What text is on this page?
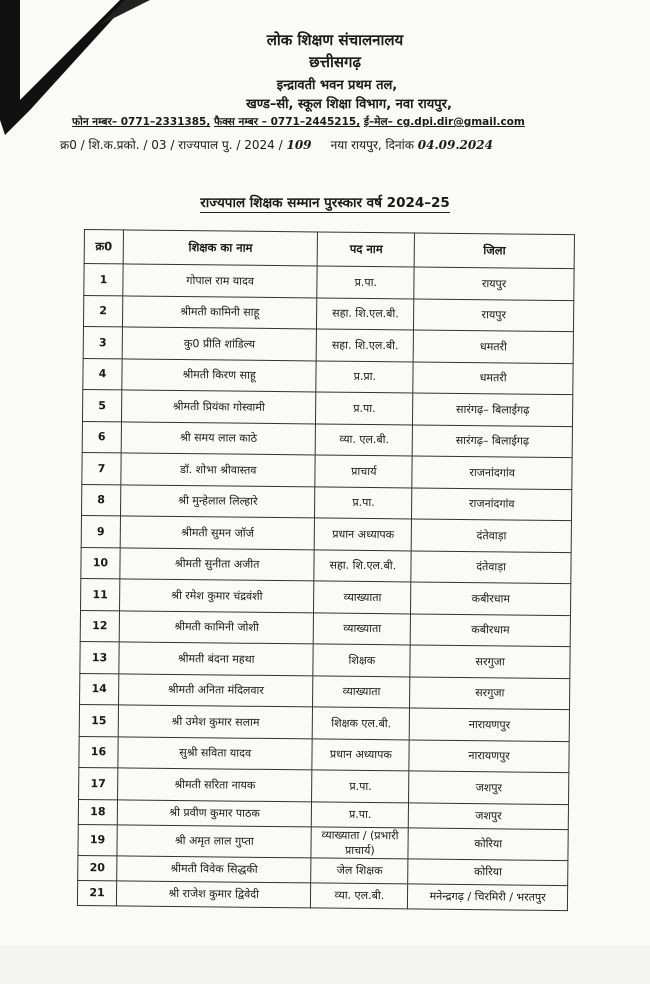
लोक शिक्षण संचालनालय
छत्तीसगढ़
इन्द्रावती भवन प्रथम तल,
खण्ड–सी, स्कूल शिक्षा विभाग, नवा रायपुर,
फोन नम्बर– 0771–2331385, फैक्स नम्बर – 0771–2445215, ई–मेल– cg.dpi.dir@gmail.com
क्र0 / शि.क.प्रको. / 03 / राज्यपाल पु. / 2024 / 109 नया रायपुर, दिनांक 04.09.2024
राज्यपाल शिक्षक सम्मान पुरस्कार वर्ष 2024–25
क्र0	शिक्षक का नाम	पद नाम	जिला
1	गोपाल राम यादव	प्र.पा.	रायपुर
2	श्रीमती कामिनी साहू	सहा. शि.एल.बी.	रायपुर
3	कु0 प्रीति शांडिल्य	सहा. शि.एल.बी.	धमतरी
4	श्रीमती किरण साहू	प्र.प्रा.	धमतरी
5	श्रीमती प्रियंका गोस्वामी	प्र.पा.	सारंगढ़– बिलाईगढ़
6	श्री समय लाल काठे	व्या. एल.बी.	सारंगढ़– बिलाईगढ़
7	डॉ. शोभा श्रीवास्तव	प्राचार्य	राजनांदगांव
8	श्री मुन्हेलाल लिल्हारे	प्र.पा.	राजनांदगांव
9	श्रीमती सुमन जॉर्ज	प्रधान अध्यापक	दंतेवाड़ा
10	श्रीमती सुनीता अजीत	सहा. शि.एल.बी.	दंतेवाड़ा
11	श्री रमेश कुमार चंद्रवंशी	व्याख्याता	कबीरधाम
12	श्रीमती कामिनी जोशी	व्याख्याता	कबीरधाम
13	श्रीमती बंदना महथा	शिक्षक	सरगुजा
14	श्रीमती अनिता मंदिलवार	व्याख्याता	सरगुजा
15	श्री उमेश कुमार सलाम	शिक्षक एल.बी.	नारायणपुर
16	सुश्री सविता यादव	प्रधान अध्यापक	नारायणपुर
17	श्रीमती सरिता नायक	प्र.पा.	जशपुर
18	श्री प्रवीण कुमार पाठक	प्र.पा.	जशपुर
19	श्री अमृत लाल गुप्ता	व्याख्याता / (प्रभारी प्राचार्य)	कोरिया
20	श्रीमती विवेक सिद्धकी	जेल शिक्षक	कोरिया
21	श्री राजेश कुमार द्विवेदी	व्या. एल.बी.	मनेन्द्रगढ़ / चिरमिरी / भरतपुर
